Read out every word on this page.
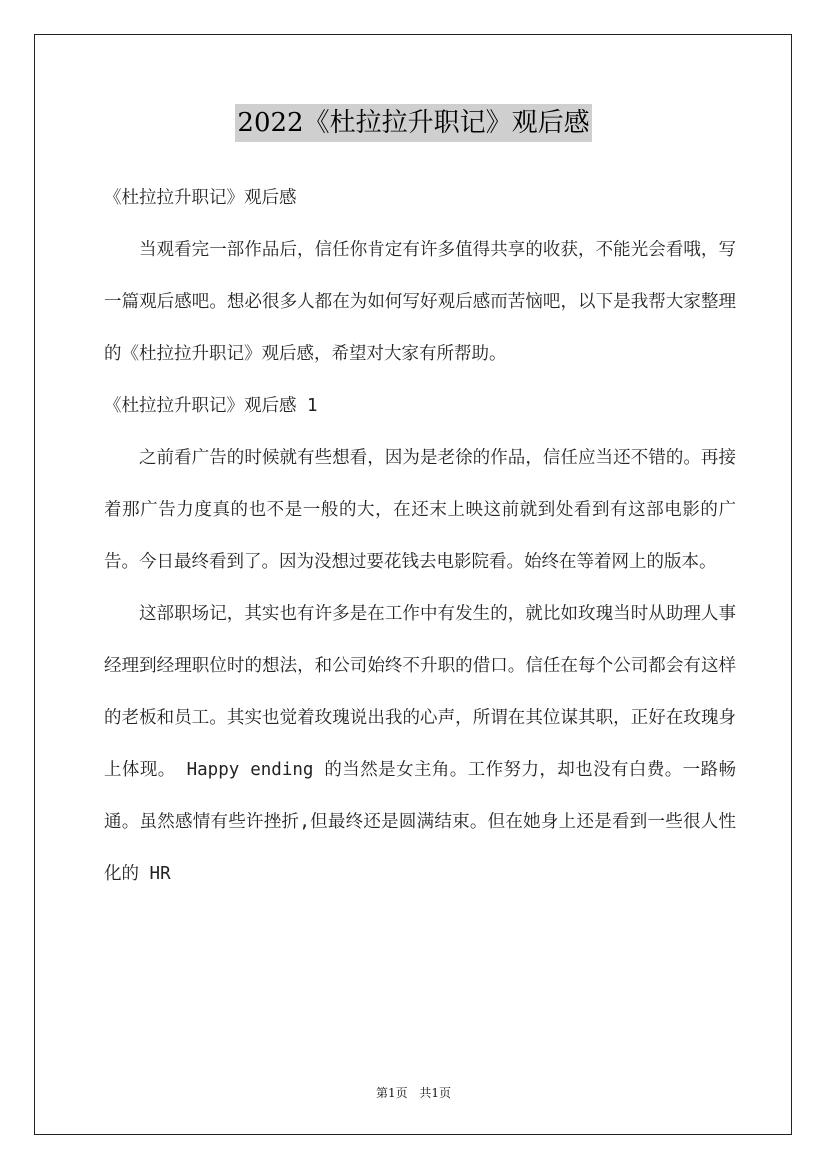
2022《杜拉拉升职记》观后感

《杜拉拉升职记》观后感

当观看完一部作品后，信任你肯定有许多值得共享的收获，不能光会看哦，写一篇观后感吧。想必很多人都在为如何写好观后感而苦恼吧，以下是我帮大家整理的《杜拉拉升职记》观后感，希望对大家有所帮助。

《杜拉拉升职记》观后感 1

之前看广告的时候就有些想看，因为是老徐的作品，信任应当还不错的。再接着那广告力度真的也不是一般的大，在还末上映这前就到处看到有这部电影的广告。今日最终看到了。因为没想过要花钱去电影院看。始终在等着网上的版本。

这部职场记，其实也有许多是在工作中有发生的，就比如玫瑰当时从助理人事经理到经理职位时的想法，和公司始终不升职的借口。信任在每个公司都会有这样的老板和员工。其实也觉着玫瑰说出我的心声，所谓在其位谋其职，正好在玫瑰身上体现。 Happy ending 的当然是女主角。工作努力，却也没有白费。一路畅通。虽然感情有些许挫折,但最终还是圆满结束。但在她身上还是看到一些很人性化的 HR

第1页 共1页
